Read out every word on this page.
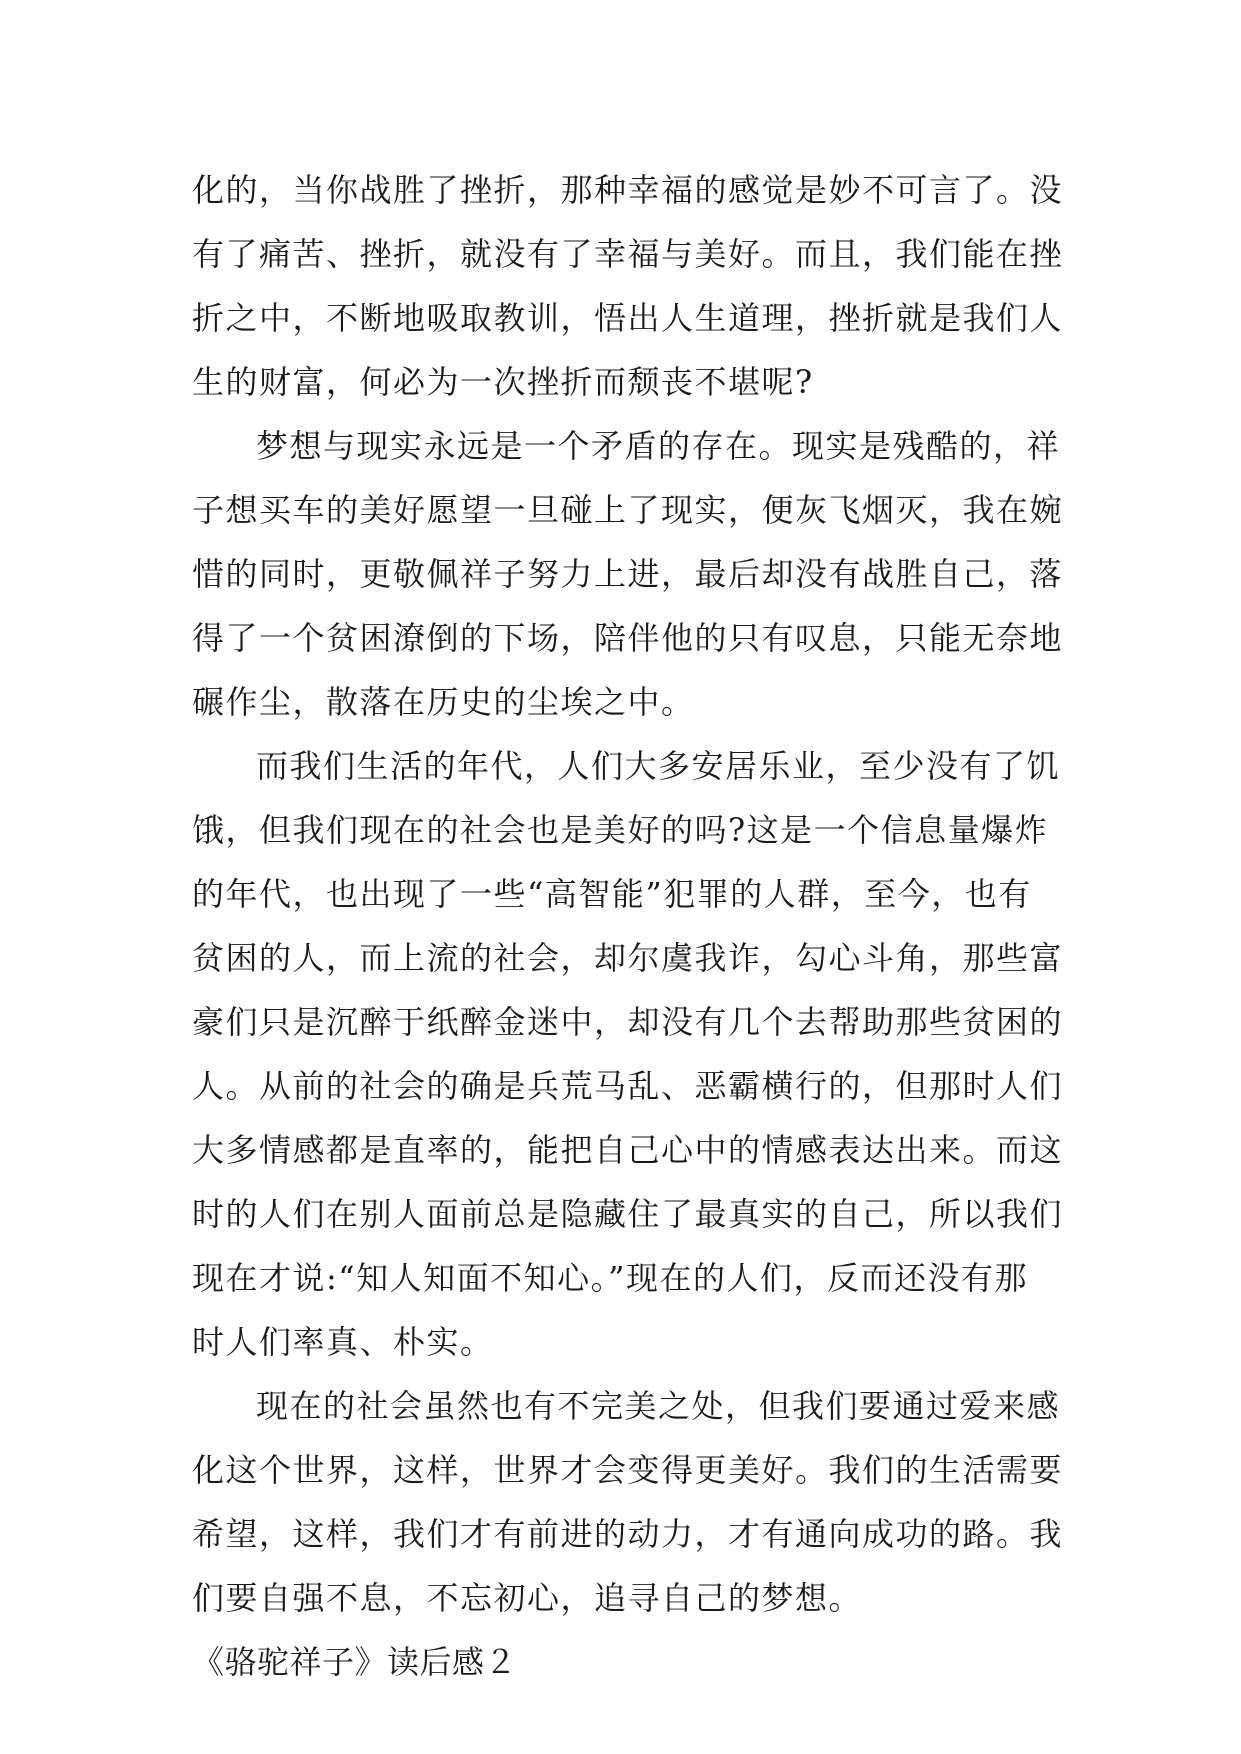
化的，当你战胜了挫折，那种幸福的感觉是妙不可言了。没
有了痛苦、挫折，就没有了幸福与美好。而且，我们能在挫
折之中，不断地吸取教训，悟出人生道理，挫折就是我们人
生的财富，何必为一次挫折而颓丧不堪呢?
梦想与现实永远是一个矛盾的存在。现实是残酷的，祥
子想买车的美好愿望一旦碰上了现实，便灰飞烟灭，我在婉
惜的同时，更敬佩祥子努力上进，最后却没有战胜自己，落
得了一个贫困潦倒的下场，陪伴他的只有叹息，只能无奈地
碾作尘，散落在历史的尘埃之中。
而我们生活的年代，人们大多安居乐业，至少没有了饥
饿，但我们现在的社会也是美好的吗?这是一个信息量爆炸
的年代，也出现了一些“高智能”犯罪的人群，至今，也有
贫困的人，而上流的社会，却尔虞我诈，勾心斗角，那些富
豪们只是沉醉于纸醉金迷中，却没有几个去帮助那些贫困的
人。从前的社会的确是兵荒马乱、恶霸横行的，但那时人们
大多情感都是直率的，能把自己心中的情感表达出来。而这
时的人们在别人面前总是隐藏住了最真实的自己，所以我们
现在才说:“知人知面不知心。”现在的人们，反而还没有那
时人们率真、朴实。
现在的社会虽然也有不完美之处，但我们要通过爱来感
化这个世界，这样，世界才会变得更美好。我们的生活需要
希望，这样，我们才有前进的动力，才有通向成功的路。我
们要自强不息，不忘初心，追寻自己的梦想。
《骆驼祥子》读后感２
